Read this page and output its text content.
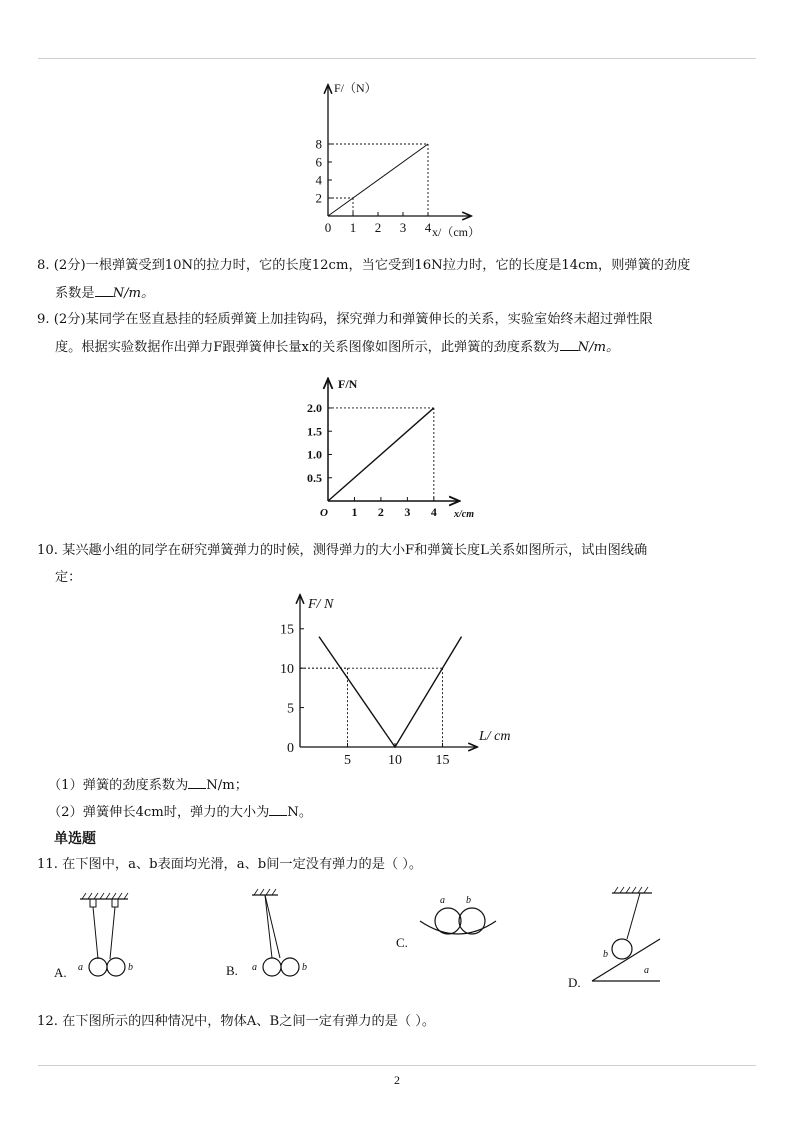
F/（N）
x/（cm）
0 1 2 3 4
2
4
6
8
8. (2分)一根弹簧受到10N的拉力时，它的长度12cm，当它受到16N拉力时，它的长度是14cm，则弹簧的劲度
系数是 N/m。
9. (2分)某同学在竖直悬挂的轻质弹簧上加挂钩码，探究弹力和弹簧伸长的关系，实验室始终未超过弹性限
度。根据实验数据作出弹力F跟弹簧伸长量x的关系图像如图所示，此弹簧的劲度系数为 N/m。
F/N
x/cm
O 1 2 3 4
0.5
1.0
1.5
2.0
10. 某兴趣小组的同学在研究弹簧弹力的时候，测得弹力的大小F和弹簧长度L关系如图所示，试由图线确
定：
F/ N
L/ cm
5	10 15
0
5
10
15
（1）弹簧的劲度系数为 N/m；
（2）弹簧伸长4cm时，弹力的大小为 N。
单选题
11. 在下图中，a、b表面均光滑，a、b间一定没有弹力的是（ ）。
a	b
A.	a	b
B.
a b
C.
b
a
D.
12. 在下图所示的四种情况中，物体A、B之间一定有弹力的是（ ）。
2
